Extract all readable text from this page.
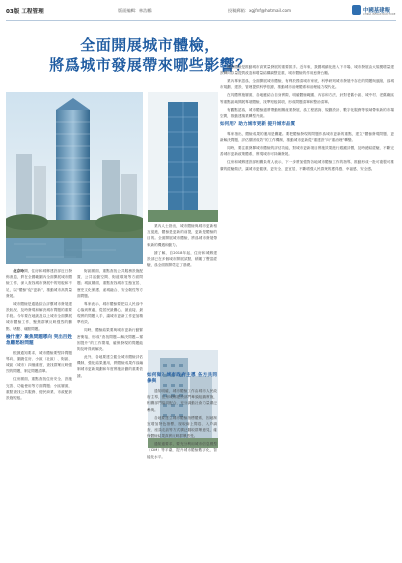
03版 工程管理	版面編輯：林浩鵬	投稿郵箱：xgjfnf@hotmail.com	中國基建報
CHINA INFRASTRUCTURE
全面開展城市體檢，
將爲城市發展帶來哪些影響？

北京時間，住房和城鄉建設部近日發佈消息，將在全國範圍內全面開展城市體檢工作，深入查找城市發展中的短板和不足，以“體檢”促“更新”，推動城市高質量發展。

城市體檢是通過綜合評價城市發展建設狀況、及時發現和解決城市問題的重要手段。今年要在地級及以上城市全面開展城市體檢工作，聚焦群眾反映強烈的難點、堵點、痛點問題。

檢什麼？聚焦問題導向 突出百姓急難愁盼問題

根據通知要求，城市體檢要堅持問題導向，圍繞住房、小區（社區）、街區、城區（城市）四個維度，查找群眾反映強烈的問題，制定問題清單。

住房層面，重點查找住房安全、設施完善、功能使用等方面問題；小區層面，重點查找公共服務、便民商業、市政配套設施短板。

街區層面，重點查找公共服務設施配置、公共活動空間、街道環境等方面問題；城區層面，重點查找城市生態宜居、歷史文化保護、產城融合、安全韌性等方面問題。

專家表示，城市體檢要把以人民爲中心落到實處，從居民最關心、最直接、最現實的問題入手，讓城市更新工作更加精準有效。

同時，體檢結果要與城市更新行動緊密銜接，形成“查找問題—解決問題—鞏固提升”的工作閉環，確保發現的問題能夠及時得到解決。

此外，各地要建立健全城市體檢評估機制，強化結果運用，將體檢成果作爲編制城市更新規劃和年度實施計劃的重要依據。

業內人士指出，城市體檢與城市更新相互促進，體檢是更新的前提，更新是體檢的目的。全面開展城市體檢，將爲城市發展帶來新的機遇和動力。

據了解，自2018年起，住房和城鄉建設部已在多個城市開展試點，積累了豐富經驗，爲全面推開奠定了基礎。

如何做？城市政府主導 各方共同參與

通知明確，城市體檢工作由城市人民政府主導，住房城鄉建設部門牽頭組織實施，相關部門協同配合，充分調動社會力量廣泛參與。

各地要建立城市體檢指標體系，因地制宜增加特色指標，採取線上問卷、入戶調查、座談走訪等方式廣泛聽取群眾意見，確保體檢結果真實反映群眾感受。

通知還要求，要充分利用城市信息模型（CIM）等平臺，提升城市體檢數字化、智能化水平。

城市體檢是推動城市高質量發展的重要抓手。近年來，我國城鎮化進入下半場，城市發展由大規模增量建設轉向存量提質改造和增量結構調整並重，城市體檢的作用愈發凸顯。

業內專家認爲，全面開展城市體檢，有利於摸清城市家底，科學研判城市發展中存在的問題與風險，爲城市規劃、建設、管理提供科學依據，推動城市治理體系和治理能力現代化。

在具體實施層面，各地應結合自身實際，明確體檢範圍、內容和方法，針對老舊小區、城中村、老舊廠區等重點區域開展專項體檢，找準短板弱項，形成問題清單和整治清單。

有觀點認爲，城市體檢還將帶動相關產業發展，爲工程諮詢、規劃設計、數字化服務等領域帶來新的市場空間，推動建築業轉型升級。

如何用？助力城市更新 提升城市品質

專家指出，體檢成果的運用是關鍵。要把體檢發現的問題作爲城市更新的重點，建立“體檢發現問題、更新解決問題、評估鞏固成效”的工作機制，推動城市更新從“重建設”向“重治理”轉變。

同時，要注重發揮城市體檢的評估功能，對城市更新項目實施效果進行跟蹤評價，及時總結經驗，不斷完善城市更新政策體系，實現城市可持續發展。

住房和城鄉建設部相關負責人表示，下一步將加強對各地城市體檢工作的指導，推動形成一批可複製可推廣的經驗做法，讓城市更健康、更安全、更宜居，不斷增強人民群衆的獲得感、幸福感、安全感。
